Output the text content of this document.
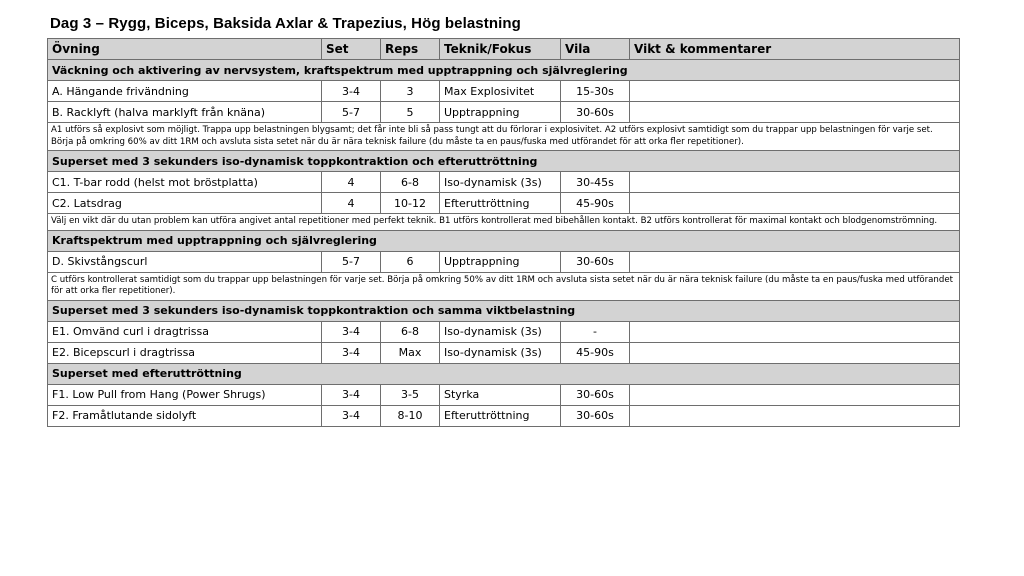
Dag 3 – Rygg, Biceps, Baksida Axlar & Trapezius, Hög belastning
Övning	Set	Reps	Teknik/Fokus	Vila	Vikt & kommentarer
Väckning och aktivering av nervsystem, kraftspektrum med upptrappning och självreglering					
A. Hängande frivändning	3-4	3	Max Explosivitet	15-30s	
B. Racklyft (halva marklyft från knäna)	5-7	5	Upptrappning	30-60s	
A1 utförs så explosivt som möjligt. Trappa upp belastningen blygsamt; det får inte bli så pass tungt att du förlorar i explosivitet. A2 utförs explosivt samtidigt som du trappar upp belastningen för varje set. Börja på omkring 60% av ditt 1RM och avsluta sista setet när du är nära teknisk failure (du måste ta en paus/fuska med utförandet för att orka fler repetitioner).					
Superset med 3 sekunders iso-dynamisk toppkontraktion och efteruttröttning					
C1. T-bar rodd (helst mot bröstplatta)	4	6-8	Iso-dynamisk (3s)	30-45s	
C2. Latsdrag	4	10-12	Efteruttröttning	45-90s	
Välj en vikt där du utan problem kan utföra angivet antal repetitioner med perfekt teknik. B1 utförs kontrollerat med bibehållen kontakt. B2 utförs kontrollerat för maximal kontakt och blodgenomströmning.					
Kraftspektrum med upptrappning och självreglering					
D. Skivstångscurl	5-7	6	Upptrappning	30-60s	
C utförs kontrollerat samtidigt som du trappar upp belastningen för varje set. Börja på omkring 50% av ditt 1RM och avsluta sista setet när du är nära teknisk failure (du måste ta en paus/fuska med utförandet för att orka fler repetitioner).					
Superset med 3 sekunders iso-dynamisk toppkontraktion och samma viktbelastning					
E1. Omvänd curl i dragtrissa	3-4	6-8	Iso-dynamisk (3s)	-	
E2. Bicepscurl i dragtrissa	3-4	Max	Iso-dynamisk (3s)	45-90s	
Superset med efteruttröttning					
F1. Low Pull from Hang (Power Shrugs)	3-4	3-5	Styrka	30-60s	
F2. Framåtlutande sidolyft	3-4	8-10	Efteruttröttning	30-60s	
